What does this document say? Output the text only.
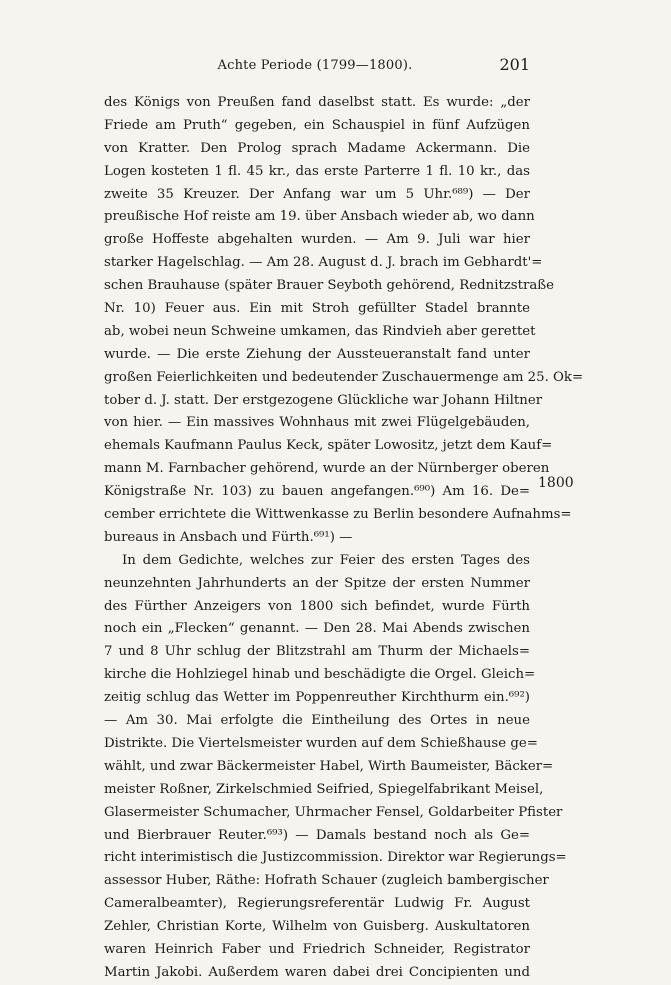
Achte Periode (1799—1800).	201
des Königs von Preußen fand daselbst statt. Es wurde: „der
Friede am Pruth“ gegeben, ein Schauspiel in fünf Aufzügen
von Kratter. Den Prolog sprach Madame Ackermann. Die
Logen kosteten 1 fl. 45 kr., das erste Parterre 1 fl. 10 kr., das
zweite 35 Kreuzer. Der Anfang war um 5 Uhr.⁶⁸⁹) — Der
preußische Hof reiste am 19. über Ansbach wieder ab, wo dann
große Hoffeste abgehalten wurden. — Am 9. Juli war hier
starker Hagelschlag. — Am 28. August d. J. brach im Gebhardt'=
schen Brauhause (später Brauer Seyboth gehörend, Rednitzstraße
Nr. 10) Feuer aus. Ein mit Stroh gefüllter Stadel brannte
ab, wobei neun Schweine umkamen, das Rindvieh aber gerettet
wurde. — Die erste Ziehung der Aussteueranstalt fand unter
großen Feierlichkeiten und bedeutender Zuschauermenge am 25. Ok=
tober d. J. statt. Der erstgezogene Glückliche war Johann Hiltner
von hier. — Ein massives Wohnhaus mit zwei Flügelgebäuden,
ehemals Kaufmann Paulus Keck, später Lowositz, jetzt dem Kauf=
mann M. Farnbacher gehörend, wurde an der Nürnberger oberen
Königstraße Nr. 103) zu bauen angefangen.⁶⁹⁰) Am 16. De=
cember errichtete die Wittwenkasse zu Berlin besondere Aufnahms=
bureaus in Ansbach und Fürth.⁶⁹¹) —
In dem Gedichte, welches zur Feier des ersten Tages des
neunzehnten Jahrhunderts an der Spitze der ersten Nummer
des Fürther Anzeigers von 1800 sich befindet, wurde Fürth
noch ein „Flecken“ genannt. — Den 28. Mai Abends zwischen
7 und 8 Uhr schlug der Blitzstrahl am Thurm der Michaels=
kirche die Hohlziegel hinab und beschädigte die Orgel. Gleich=
zeitig schlug das Wetter im Poppenreuther Kirchthurm ein.⁶⁹²)
— Am 30. Mai erfolgte die Eintheilung des Ortes in neue
Distrikte. Die Viertelsmeister wurden auf dem Schießhause ge=
wählt, und zwar Bäckermeister Habel, Wirth Baumeister, Bäcker=
meister Roßner, Zirkelschmied Seifried, Spiegelfabrikant Meisel,
Glasermeister Schumacher, Uhrmacher Fensel, Goldarbeiter Pfister
und Bierbrauer Reuter.⁶⁹³) — Damals bestand noch als Ge=
richt interimistisch die Justizcommission. Direktor war Regierungs=
assessor Huber, Räthe: Hofrath Schauer (zugleich bambergischer
Cameralbeamter), Regierungsreferentär Ludwig Fr. August
Zehler, Christian Korte, Wilhelm von Guisberg. Auskultatoren
waren Heinrich Faber und Friedrich Schneider, Registrator
Martin Jakobi. Außerdem waren dabei drei Concipienten und
1800
